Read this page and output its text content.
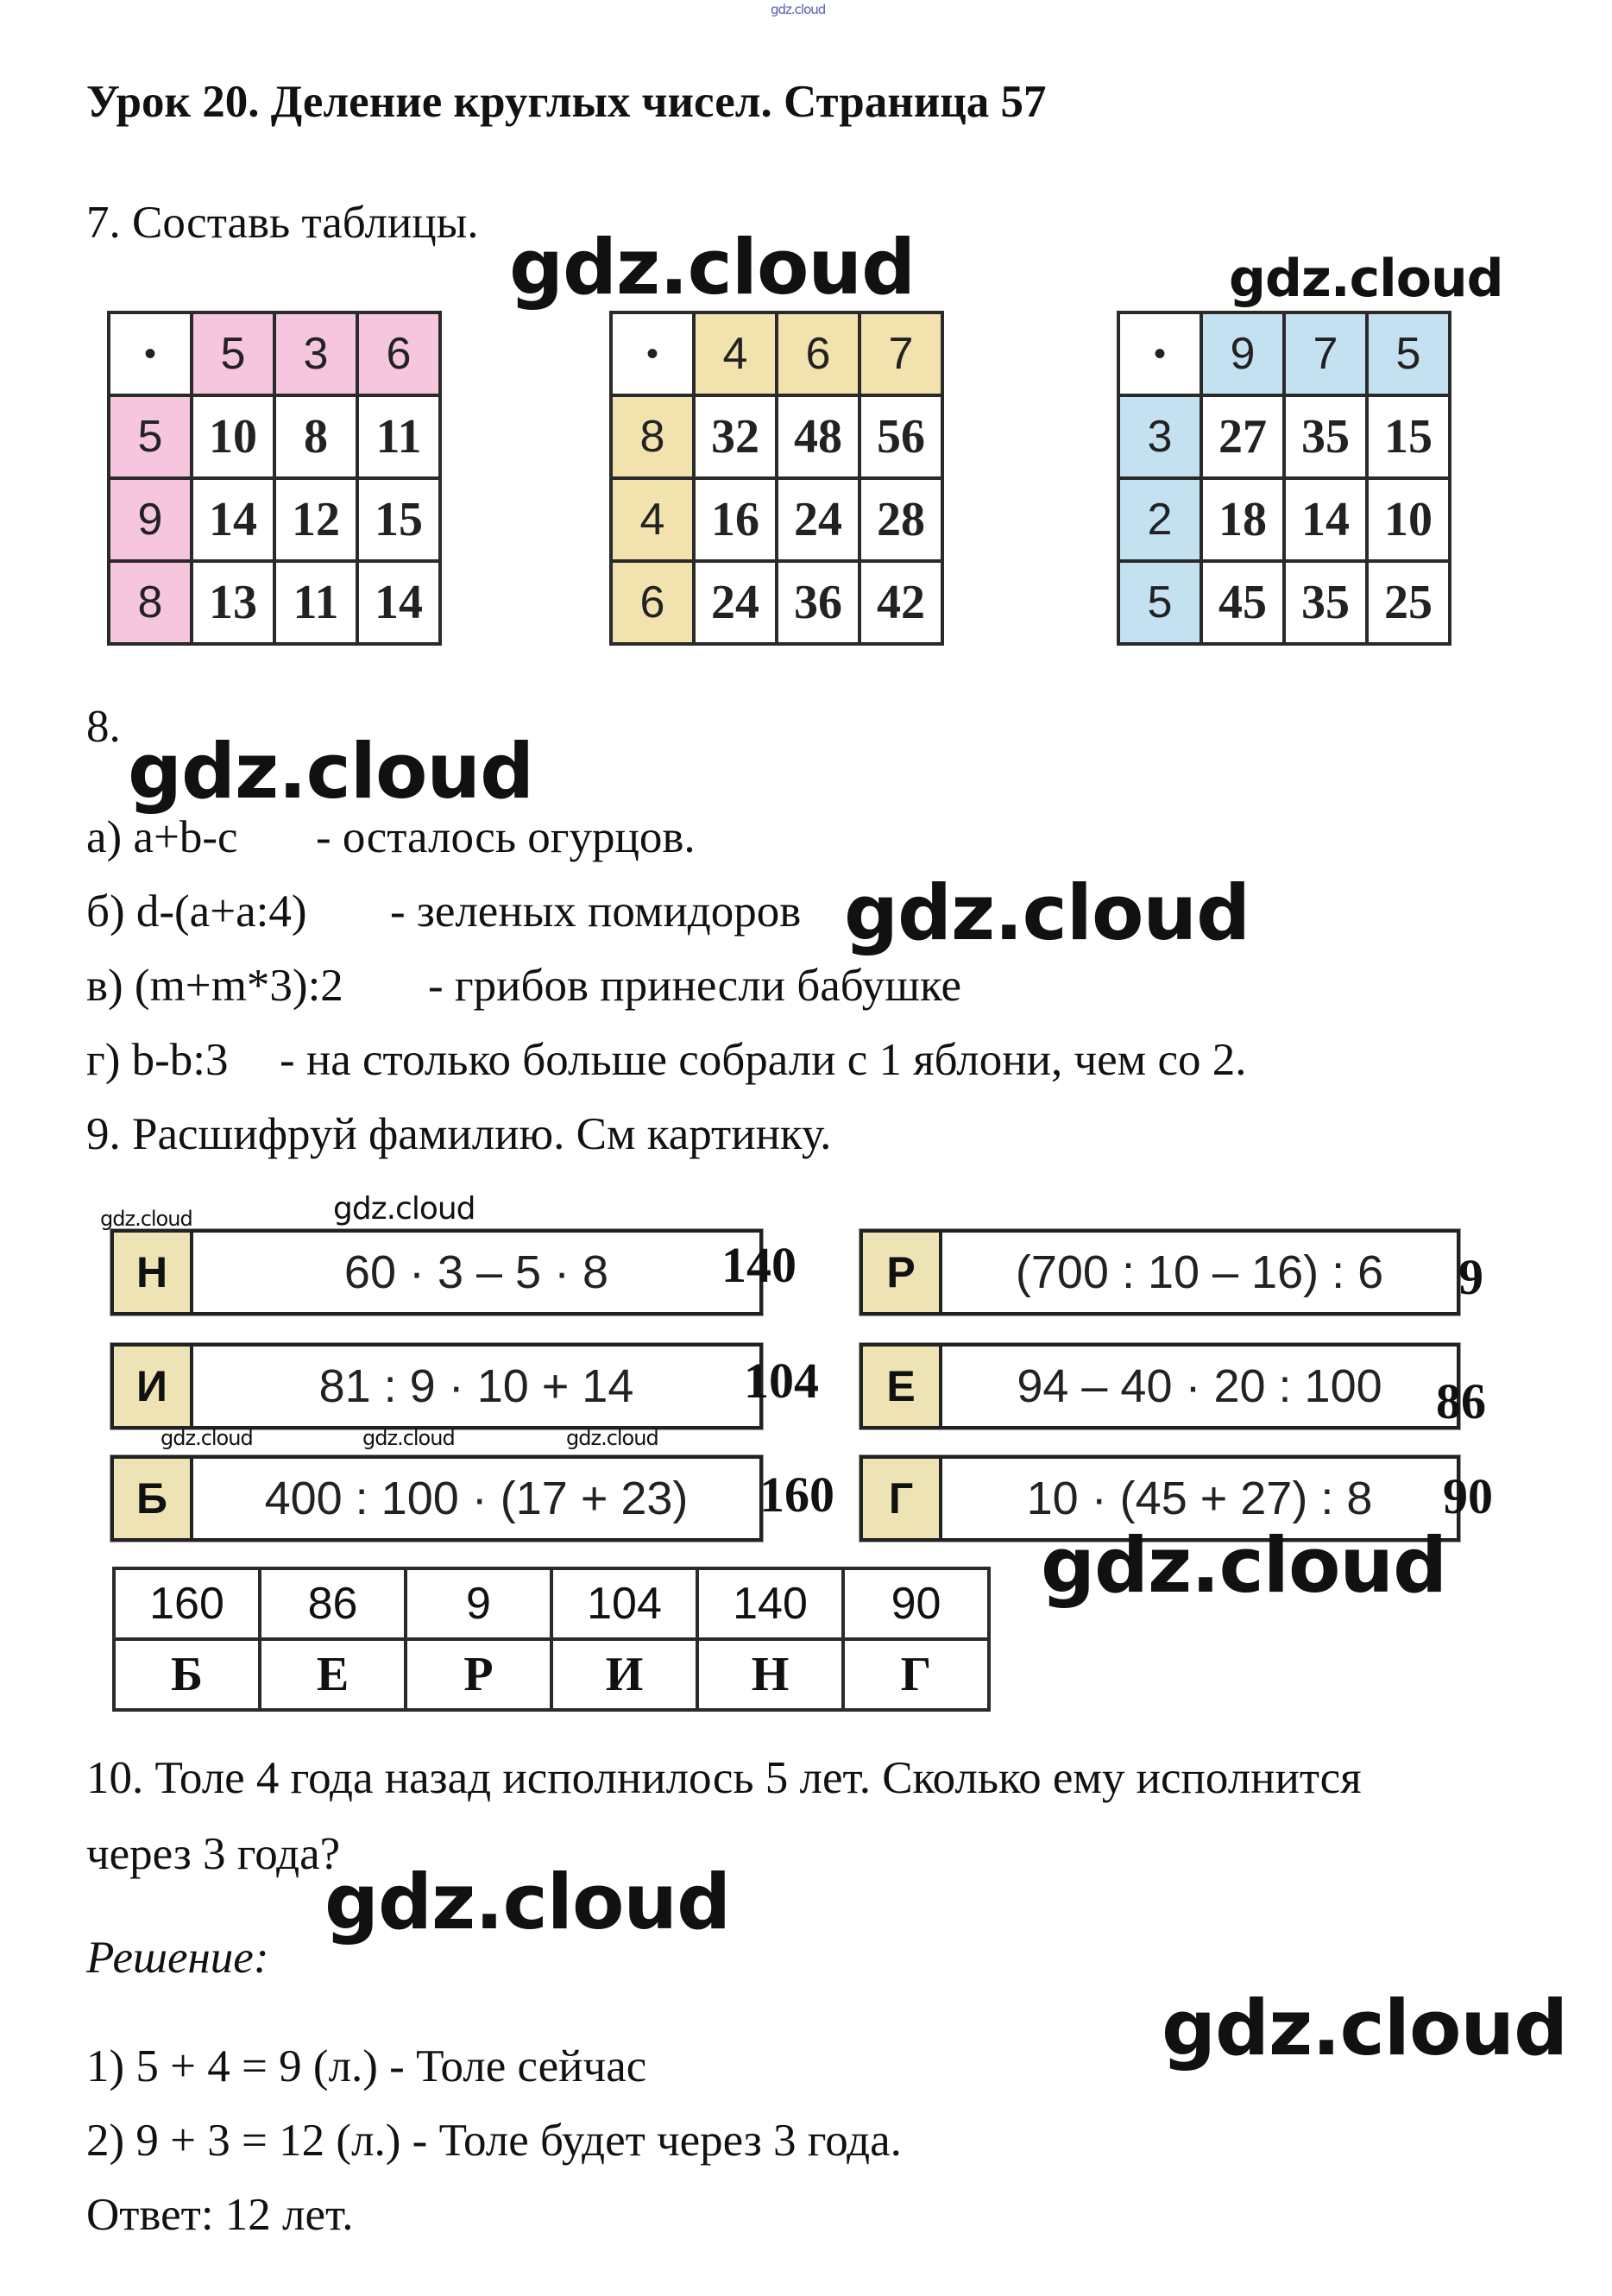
gdz.cloud
Урок 20. Деление круглых чисел. Страница 57
7. Составь таблицы.
•	5	3	6
5	10	8	11
9	14	12	15
8	13	11	14
•	4	6	7
8	32	48	56
4	16	24	28
6	24	36	42
•	9	7	5
3	27	35	15
2	18	14	10
5	45	35	25
8.
а) a+b-c - осталось огурцов.
б) d-(a+a:4) - зеленых помидоров
в) (m+m*3):2 - грибов принесли бабушке
г) b-b:3 - на столько больше собрали с 1 яблони, чем со 2.
9. Расшифруй фамилию. См картинку.
Н	60 · 3 – 5 · 8	140
И	81 : 9 · 10 + 14	104
Б	400 : 100 · (17 + 23)	160
Р	(700 : 10 – 16) : 6	9
Е	94 – 40 · 20 : 100	86
Г	10 · (45 + 27) : 8	90
160	86	9	104	140	90
Б	Е	Р	И	Н	Г
10. Толе 4 года назад исполнилось 5 лет. Сколько ему исполнится
через 3 года?
Решение:
1) 5 + 4 = 9 (л.) - Толе сейчас
2) 9 + 3 = 12 (л.) - Толе будет через 3 года.
Ответ: 12 лет.
gdz.cloud	gdz.cloud
gdz.cloud
gdz.cloud
gdz.cloud	gdz.cloud
gdz.cloud	gdz.cloud	gdz.cloud
gdz.cloud
gdz.cloud
gdz.cloud
